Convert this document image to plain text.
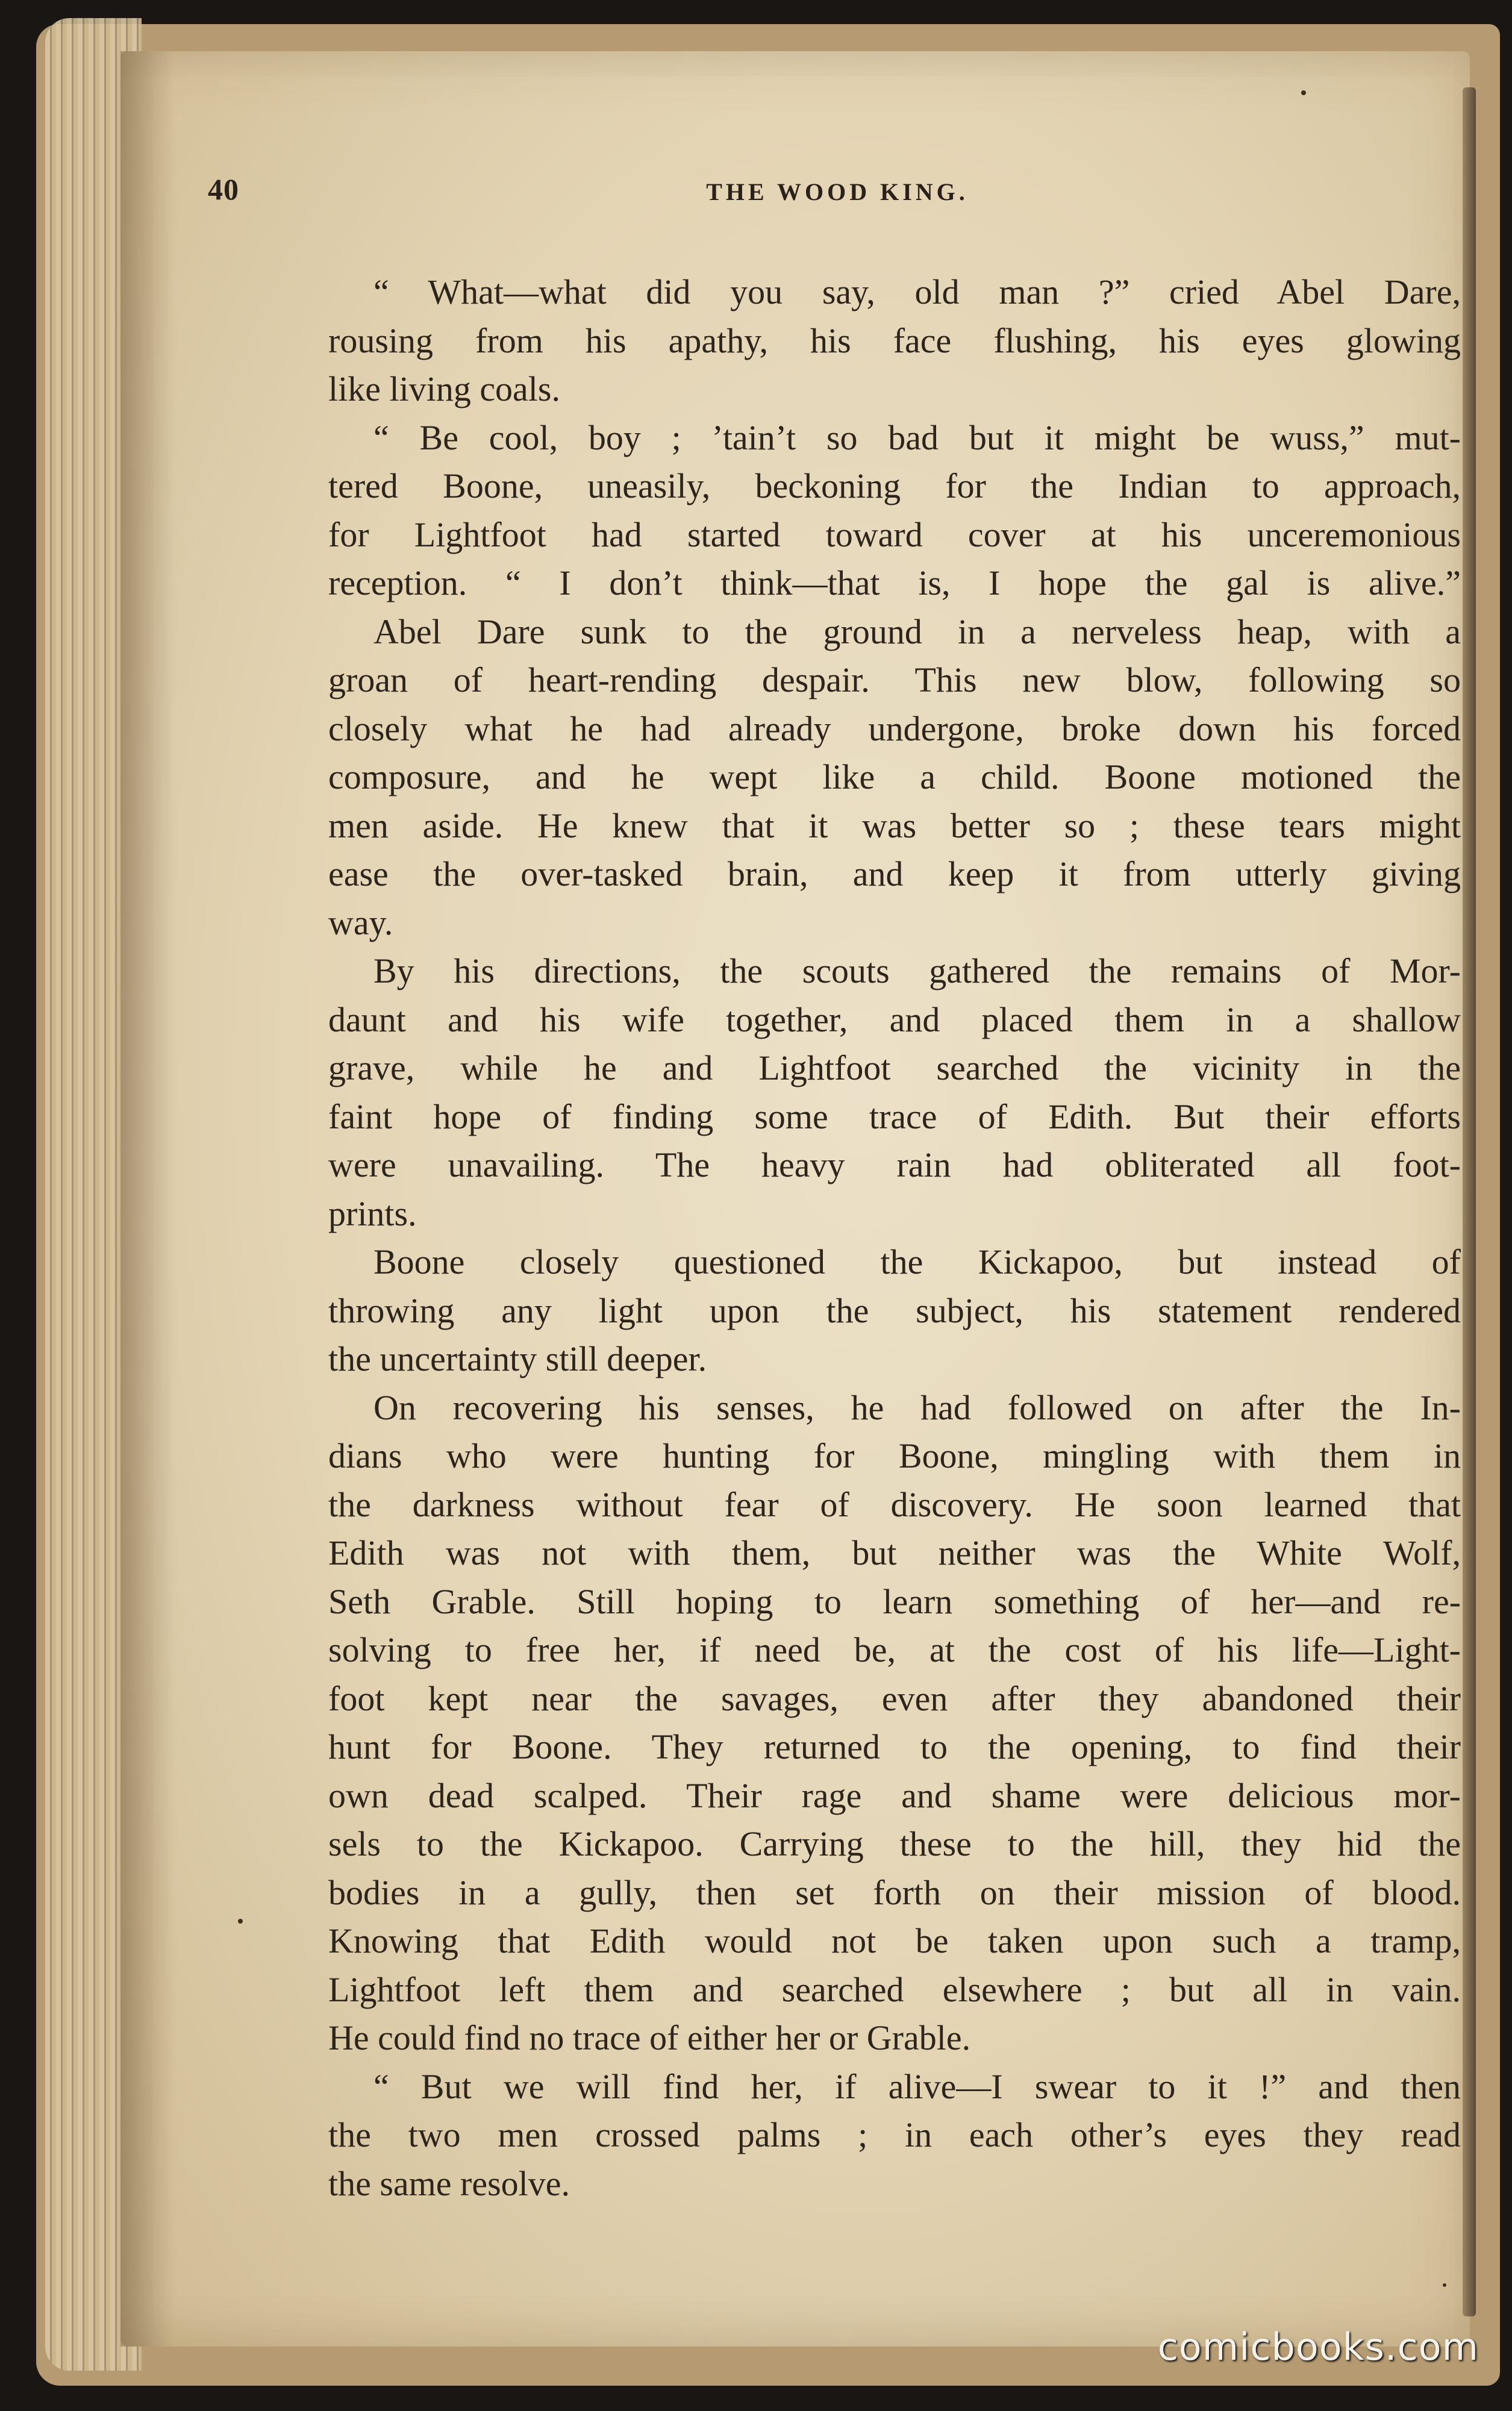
40	THE WOOD KING.
“ What—what did you say, old man ?” cried Abel Dare,
rousing from his apathy, his face flushing, his eyes glowing
like living coals.
“ Be cool, boy ; ’tain’t so bad but it might be wuss,” mut-
tered Boone, uneasily, beckoning for the Indian to approach,
for Lightfoot had started toward cover at his unceremonious
reception. “ I don’t think—that is, I hope the gal is alive.”
Abel Dare sunk to the ground in a nerveless heap, with a
groan of heart-rending despair. This new blow, following so
closely what he had already undergone, broke down his forced
composure, and he wept like a child. Boone motioned the
men aside. He knew that it was better so ; these tears might
ease the over-tasked brain, and keep it from utterly giving
way.
By his directions, the scouts gathered the remains of Mor-
daunt and his wife together, and placed them in a shallow
grave, while he and Lightfoot searched the vicinity in the
faint hope of finding some trace of Edith. But their efforts
were unavailing. The heavy rain had obliterated all foot-
prints.
Boone closely questioned the Kickapoo, but instead of
throwing any light upon the subject, his statement rendered
the uncertainty still deeper.
On recovering his senses, he had followed on after the In-
dians who were hunting for Boone, mingling with them in
the darkness without fear of discovery. He soon learned that
Edith was not with them, but neither was the White Wolf,
Seth Grable. Still hoping to learn something of her—and re-
solving to free her, if need be, at the cost of his life—Light-
foot kept near the savages, even after they abandoned their
hunt for Boone. They returned to the opening, to find their
own dead scalped. Their rage and shame were delicious mor-
sels to the Kickapoo. Carrying these to the hill, they hid the
bodies in a gully, then set forth on their mission of blood.
Knowing that Edith would not be taken upon such a tramp,
Lightfoot left them and searched elsewhere ; but all in vain.
He could find no trace of either her or Grable.
“ But we will find her, if alive—I swear to it !” and then
the two men crossed palms ; in each other’s eyes they read
the same resolve.
comicbooks.com
